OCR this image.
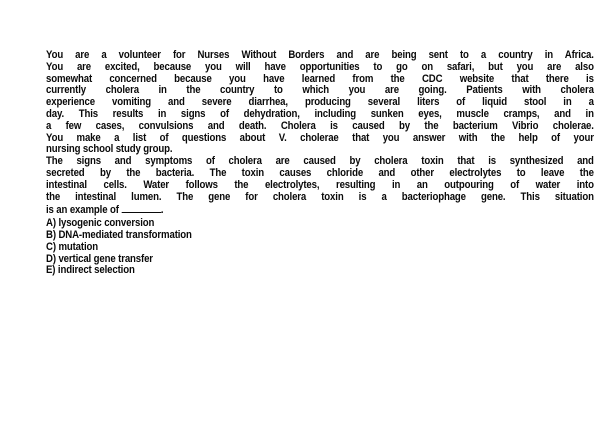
You are a volunteer for Nurses Without Borders and are being sent to a country in Africa.
You are excited, because you will have opportunities to go on safari, but you are also
somewhat concerned because you have learned from the CDC website that there is
currently cholera in the country to which you are going. Patients with cholera
experience vomiting and severe diarrhea, producing several liters of liquid stool in a
day. This results in signs of dehydration, including sunken eyes, muscle cramps, and in
a few cases, convulsions and death. Cholera is caused by the bacterium Vibrio cholerae.
You make a list of questions about V. cholerae that you answer with the help of your
nursing school study group.
The signs and symptoms of cholera are caused by cholera toxin that is synthesized and
secreted by the bacteria. The toxin causes chloride and other electrolytes to leave the
intestinal cells. Water follows the electrolytes, resulting in an outpouring of water into
the intestinal lumen. The gene for cholera toxin is a bacteriophage gene. This situation
is an example of	.
A) lysogenic conversion
B) DNA-mediated transformation
C) mutation
D) vertical gene transfer
E) indirect selection
